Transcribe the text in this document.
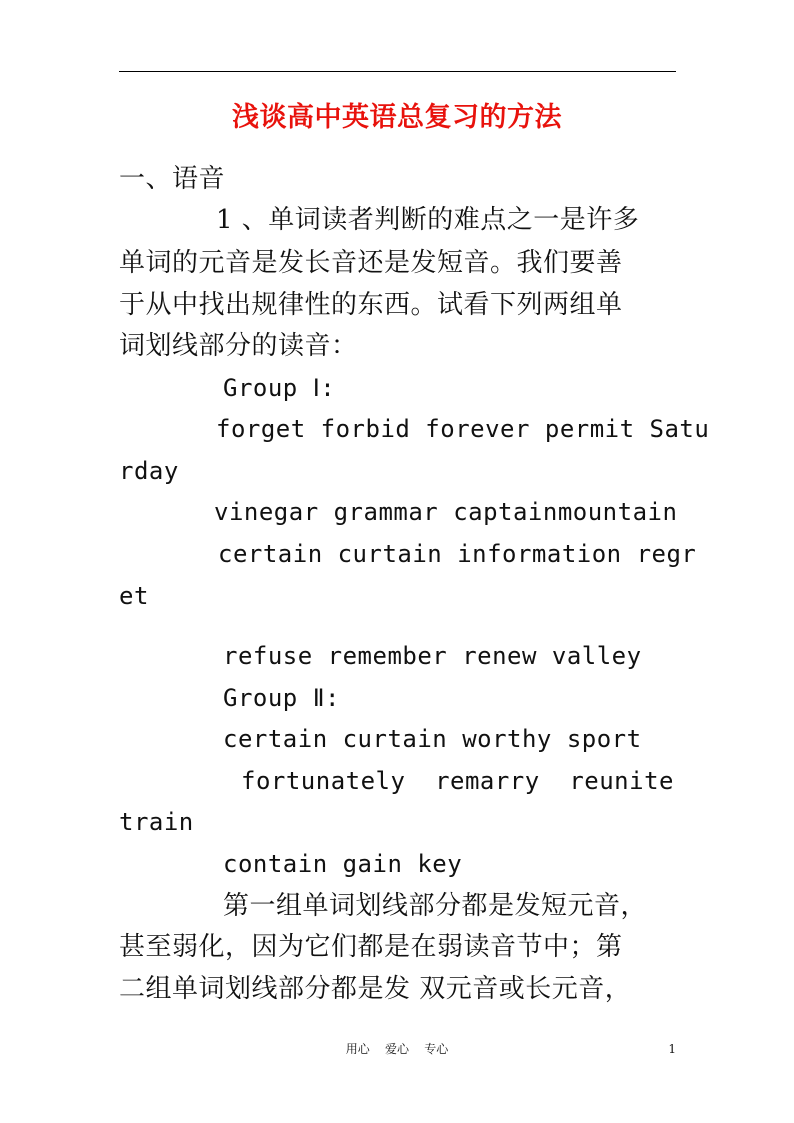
浅谈高中英语总复习的方法

一、语音

1 、单词读者判断的难点之一是许多

单词的元音是发长音还是发短音。我们要善

于从中找出规律性的东西。试看下列两组单

词划线部分的读音：

Group Ⅰ:

forget forbid forever permit Satu

rday

vinegar grammar captainmountain

certain curtain information regr

et

refuse remember renew valley

Group Ⅱ:

certain curtain worthy sport

fortunately remarry reunite

train

contain gain key

第一组单词划线部分都是发短元音，

甚至弱化，因为它们都是在弱读音节中；第

二组单词划线部分都是发 双元音或长元音，

用心    爱心    专心	1
